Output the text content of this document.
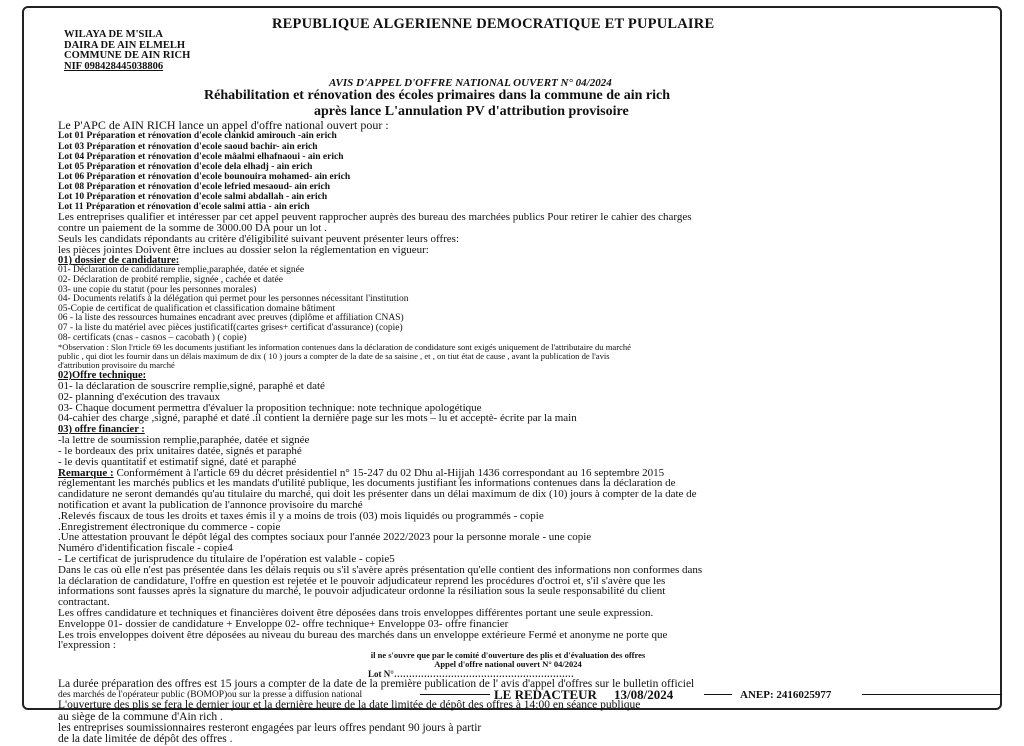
WILAYA DE M'SILA
DAIRA DE AIN ELMELH
COMMUNE DE AIN RICH
NIF 098428445038806
REPUBLIQUE ALGERIENNE DEMOCRATIQUE ET PUPULAIRE
AVIS D'APPEL D'OFFRE NATIONAL OUVERT N° 04/2024
Réhabilitation et rénovation des écoles primaires dans la commune de ain rich
après lance L'annulation PV d'attribution provisoire
Le P'APC de AIN RICH lance un appel d'offre national ouvert pour :
Lot 01 Préparation et rénovation d'ecole clankid amirouch -ain erich
Lot 03 Préparation et rénovation d'ecole saoud bachir- ain erich
Lot 04 Préparation et rénovation d'ecole mâalmi elhafnaoui - ain erich
Lot 05 Préparation et rénovation d'ecole dela elhadj - ain erich
Lot 06 Préparation et rénovation d'ecole bounouira mohamed- ain erich
Lot 08 Préparation et rénovation d'ecole lefried mesaoud- ain erich
Lot 10 Préparation et rénovation d'ecole salmi abdallah - ain erich
Lot 11 Préparation et rénovation d'ecole salmi attia - ain erich
Les entreprises qualifier et intéresser par cet appel peuvent rapprocher auprès des bureau des marchées publics Pour retirer le cahier des charges
contre un paiement de la somme de 3000.00 DA pour un lot .
Seuls les candidats répondants au critère d'éligibilité suivant peuvent présenter leurs offres:
les pièces jointes Doivent être inclues au dossier selon la réglementation en vigueur:
01) dossier de candidature:
01- Déclaration de candidature remplie,paraphée, datée et signée
02- Déclaration de probité remplie, signée , cachée et datée
03- une copie du statut (pour les personnes morales)
04- Documents relatifs à la délégation qui permet pour les personnes nécessitant l'institution
05-Copie de certificat de qualification et classification domaine bâtiment
06 - la liste des ressources humaines encadrant avec preuves (diplôme et affiliation CNAS)
07 - la liste du matériel avec pièces justificatif(cartes grises+ certificat d'assurance) (copie)
08- certificats (cnas - casnos – cacobath ) ( copie)
*Observation : Slon l'rticle 69 les documents justifiant les information contenues dans la déclaration de condidature sont exigés uniquement de l'attributaire du marché
public , qui diot les fournir dans un délais maximum de dix ( 10 ) jours a compter de la date de sa saisine , et , on tiut état de cause , avant la publication de l'avis
d'attribution provisoire du marché
02)Offre technique:
01- la déclaration de souscrire remplie,signé, paraphé et daté
02- planning d'exécution des travaux
03- Chaque document permettra d'évaluer la proposition technique: note technique apologétique
04-cahier des charge ,signé, paraphé et daté .il contient la dernière page sur les mots – lu et acceptè- écrite par la main
03) offre financier :
-la lettre de soumission remplie,paraphée, datée et signée
- le bordeaux des prix unitaires datée, signés et paraphé
- le devis quantitatif et estimatif signé, daté et paraphé
Remarque : Conformément à l'article 69 du décret présidentiel n° 15-247 du 02 Dhu al-Hijjah 1436 correspondant au 16 septembre 2015
réglementant les marchés publics et les mandats d'utilité publique, les documents justifiant les informations contenues dans la déclaration de
candidature ne seront demandés qu'au titulaire du marché, qui doit les présenter dans un délai maximum de dix (10) jours à compter de la date de
notification et avant la publication de l'annonce provisoire du marché
.Relevés fiscaux de tous les droits et taxes émis il y a moins de trois (03) mois liquidés ou programmés - copie
.Enregistrement électronique du commerce - copie
.Une attestation prouvant le dépôt légal des comptes sociaux pour l'année 2022/2023 pour la personne morale - une copie
Numéro d'identification fiscale - copie4
- Le certificat de jurisprudence du titulaire de l'opération est valable - copie5
Dans le cas où elle n'est pas présentée dans les délais requis ou s'il s'avère après présentation qu'elle contient des informations non conformes dans
la déclaration de candidature, l'offre en question est rejetée et le pouvoir adjudicateur reprend les procédures d'octroi et, s'il s'avère que les
informations sont fausses après la signature du marché, le pouvoir adjudicateur ordonne la résiliation sous la seule responsabilité du client
contractant.
Les offres candidature et techniques et financières doivent être déposées dans trois enveloppes différentes portant une seule expression.
Enveloppe 01- dossier de candidature + Enveloppe 02- offre technique+ Enveloppe 03- offre financier
Les trois enveloppes doivent être déposées au niveau du bureau des marchés dans un enveloppe extérieure Fermé et anonyme ne porte que
l'expression :
il ne s'ouvre que par le comité d'ouverture des plis et d'évaluation des offres
Appel d'offre national ouvert N° 04/2024
Lot N°……………………………………………………
La durée préparation des offres est 15 jours a compter de la date de la première publication de l' avis d'appel d'offres sur le bulletin officiel
des marchés de l'opérateur public (BOMOP)ou sur la presse a diffusion national
L'ouverture des plis se fera le dernier jour et la dernière heure de la date limitée de dépôt des offres à 14:00 en séance publique
au siège de la commune d'Ain rich .
les entreprises soumissionnaires resteront engagées par leurs offres pendant 90 jours à partir
de la date limitée de dépôt des offres .
LE REDACTEUR 13/08/2024	ANEP: 2416025977
